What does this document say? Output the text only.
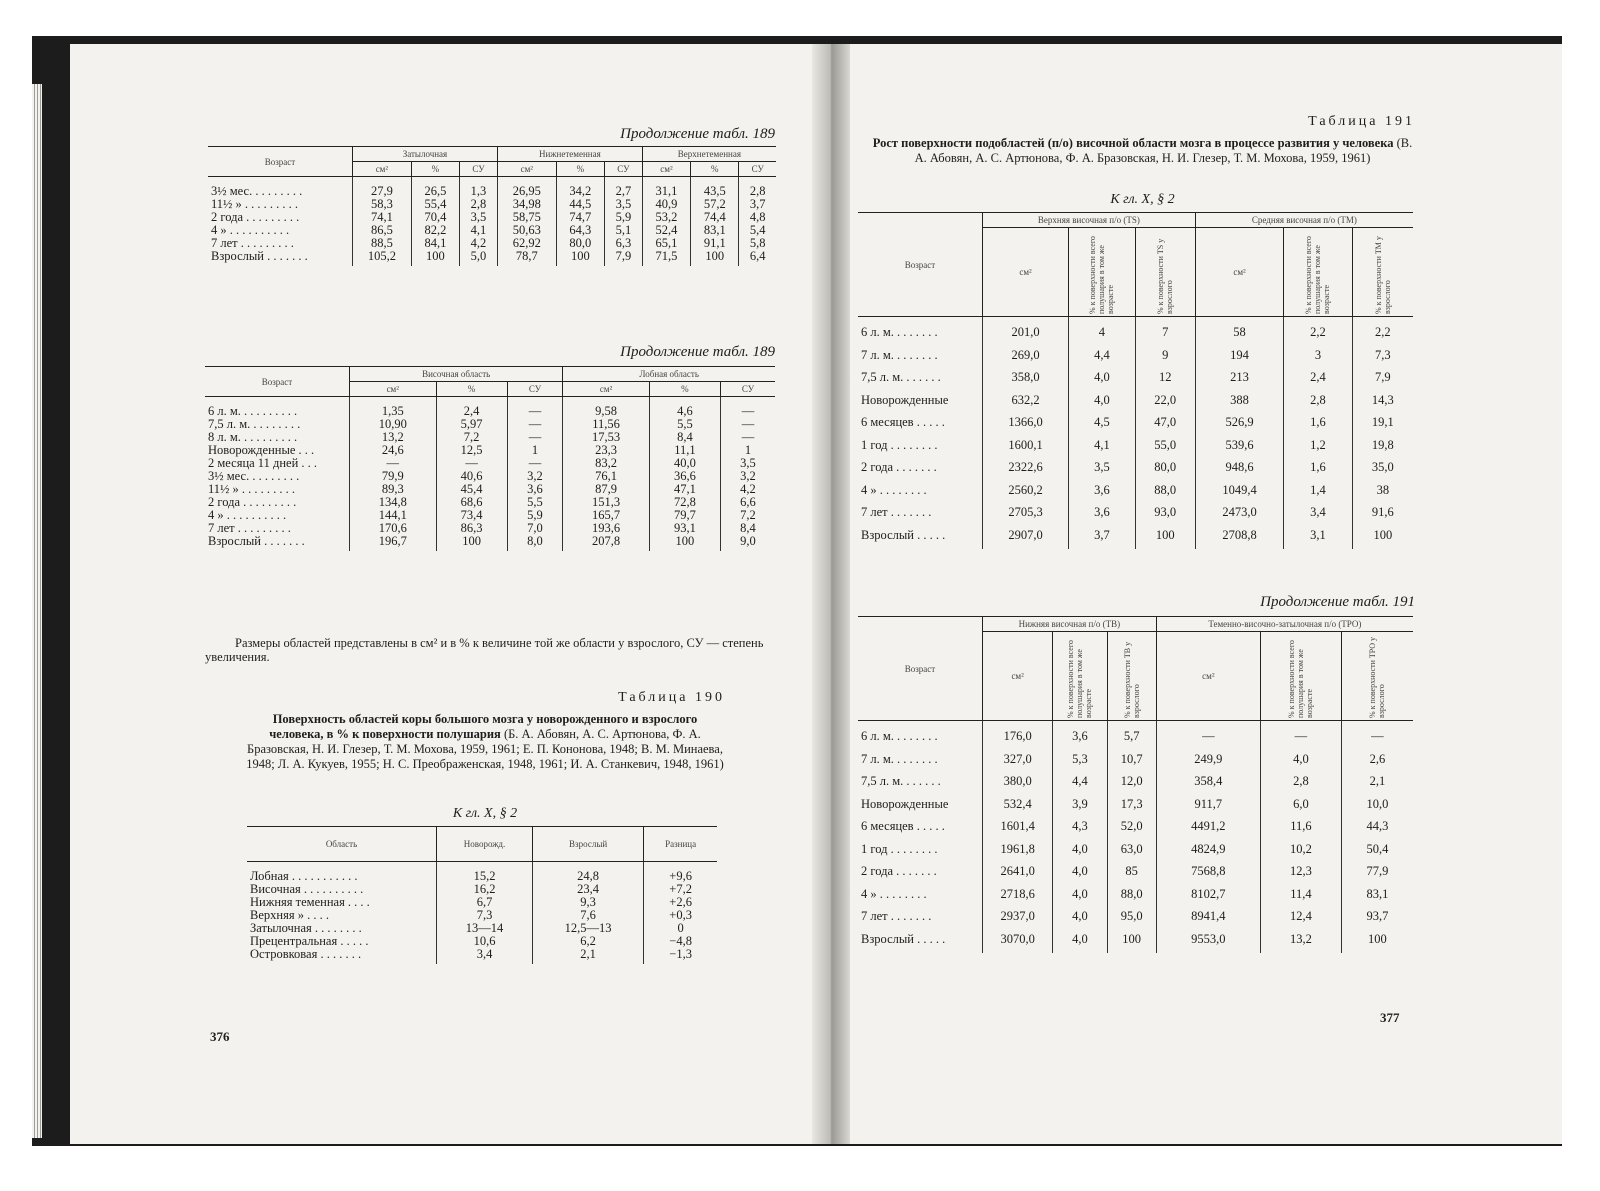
Продолжение табл. 189
Возраст	Затылочная			Нижнетеменная			Верхнетеменная		
	см²	%	СУ	см²	%	СУ	см²	%	СУ
3½ мес. . . . . . . . .	27,9	26,5	1,3	26,95	34,2	2,7	31,1	43,5	2,8
11½ » . . . . . . . . .	58,3	55,4	2,8	34,98	44,5	3,5	40,9	57,2	3,7
2 года . . . . . . . . .	74,1	70,4	3,5	58,75	74,7	5,9	53,2	74,4	4,8
4 » . . . . . . . . . .	86,5	82,2	4,1	50,63	64,3	5,1	52,4	83,1	5,4
7 лет . . . . . . . . .	88,5	84,1	4,2	62,92	80,0	6,3	65,1	91,1	5,8
Взрослый . . . . . . .	105,2	100	5,0	78,7	100	7,9	71,5	100	6,4
Продолжение табл. 189
Возраст	Височная область			Лобная область		
	см²	%	СУ	см²	%	СУ
6 л. м. . . . . . . . . .	1,35	2,4	—	9,58	4,6	—
7,5 л. м. . . . . . . . .	10,90	5,97	—	11,56	5,5	—
8 л. м. . . . . . . . . .	13,2	7,2	—	17,53	8,4	—
Новорожденные . . .	24,6	12,5	1	23,3	11,1	1
2 месяца 11 дней . . .	—	—	—	83,2	40,0	3,5
3½ мес. . . . . . . . .	79,9	40,6	3,2	76,1	36,6	3,2
11½ » . . . . . . . . .	89,3	45,4	3,6	87,9	47,1	4,2
2 года . . . . . . . . .	134,8	68,6	5,5	151,3	72,8	6,6
4 » . . . . . . . . . .	144,1	73,4	5,9	165,7	79,7	7,2
7 лет . . . . . . . . .	170,6	86,3	7,0	193,6	93,1	8,4
Взрослый . . . . . . .	196,7	100	8,0	207,8	100	9,0
Размеры областей представлены в см² и в % к величине той же области у взрослого, СУ — степень увеличения.
Таблица 190
Поверхность областей коры большого мозга у новорожденного и взрослого человека, в % к поверхности полушария (Б. А. Абовян, А. С. Артюнова, Ф. А. Бразовская, Н. И. Глезер, Т. М. Мохова, 1959, 1961; Е. П. Кононова, 1948; В. М. Минаева, 1948; Л. А. Кукуев, 1955; Н. С. Преображенская, 1948, 1961; И. А. Станкевич, 1948, 1961)
К гл. X, § 2
Область	Новорожд.	Взрослый	Разница
Лобная . . . . . . . . . . .	15,2	24,8	+9,6
Височная . . . . . . . . . .	16,2	23,4	+7,2
Нижняя теменная . . . .	6,7	9,3	+2,6
Верхняя » . . . .	7,3	7,6	+0,3
Затылочная . . . . . . . .	13—14	12,5—13	0
Прецентральная . . . . .	10,6	6,2	−4,8
Островковая . . . . . . .	3,4	2,1	−1,3
376
Таблица 191
Рост поверхности подобластей (п/о) височной области мозга в процессе развития у человека (В. А. Абовян, А. С. Артюнова, Ф. А. Бразовская, Н. И. Глезер, Т. М. Мохова, 1959, 1961)
К гл. X, § 2
Возраст	Верхняя височная п/о (TS)			Средняя височная п/о (TM)		
	см²	% к поверхности всего полушария в том же возрасте	% к поверхности TS у взрослого	см²	% к поверхности всего полушария в том же возрасте	% к поверхности TM у взрослого

6 л. м. . . . . . . .	201,0	4	7	58	2,2	2,2
7 л. м. . . . . . . .	269,0	4,4	9	194	3	7,3
7,5 л. м. . . . . . .	358,0	4,0	12	213	2,4	7,9
Новорожденные	632,2	4,0	22,0	388	2,8	14,3
6 месяцев . . . . .	1366,0	4,5	47,0	526,9	1,6	19,1
1 год . . . . . . . .	1600,1	4,1	55,0	539,6	1,2	19,8
2 года . . . . . . .	2322,6	3,5	80,0	948,6	1,6	35,0
4 » . . . . . . . .	2560,2	3,6	88,0	1049,4	1,4	38
7 лет . . . . . . .	2705,3	3,6	93,0	2473,0	3,4	91,6
Взрослый . . . . .	2907,0	3,7	100	2708,8	3,1	100
Продолжение табл. 191
Возраст	Нижняя височная п/о (TB)			Теменно-височно-затылочная п/о (TPO)		
	см²	% к поверхности всего полушария в том же возрасте	% к поверхности TB у взрослого	см²	% к поверхности всего полушария в том же возрасте	% к поверхности TPO у взрослого

6 л. м. . . . . . . .	176,0	3,6	5,7	—	—	—
7 л. м. . . . . . . .	327,0	5,3	10,7	249,9	4,0	2,6
7,5 л. м. . . . . . .	380,0	4,4	12,0	358,4	2,8	2,1
Новорожденные	532,4	3,9	17,3	911,7	6,0	10,0
6 месяцев . . . . .	1601,4	4,3	52,0	4491,2	11,6	44,3
1 год . . . . . . . .	1961,8	4,0	63,0	4824,9	10,2	50,4
2 года . . . . . . .	2641,0	4,0	85	7568,8	12,3	77,9
4 » . . . . . . . .	2718,6	4,0	88,0	8102,7	11,4	83,1
7 лет . . . . . . .	2937,0	4,0	95,0	8941,4	12,4	93,7
Взрослый . . . . .	3070,0	4,0	100	9553,0	13,2	100
377
